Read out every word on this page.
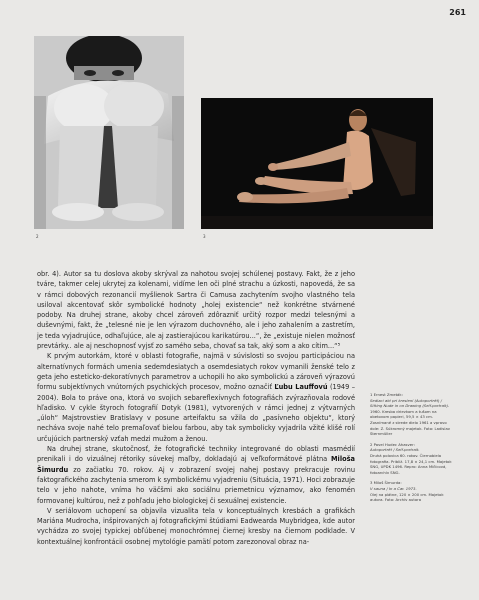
261
2	3

obr. 4). Autor sa tu doslova akoby skrýval za nahotou svojej schúlenej postavy. Fakt, že z jeho tváre, takmer celej ukrytej za kolenami, vidíme len oči plné strachu a úzkosti, napovedá, že sa v rámci dobových rezonancií myšlienok Sartra či Camusa zachytením svojho vlastného tela usiloval akcentovať skôr symbolické hodnoty „holej existencie“ než konkrétne stvárnené podoby. Na druhej strane, akoby chcel zároveň zdôrazniť určitý rozpor medzi telesnými a duševnými, fakt, že „telesné nie je len výrazom duchovného, ale i jeho zahalením a zastretím, je teda vyjadrujúce, odhaľujúce, ale aj zastierajúcou karikatúrou...“, že „existuje nielen možnosť prevtárky.. ale aj neschopnosť vyjsť zo samého seba, chovať sa tak, aký som a ako cítim...“⁵

K prvým autorkám, ktoré v oblasti fotografie, najmä v súvislosti so svojou participáciou na alternatívnych formách umenia sedemdesiatych a osemdesiatych rokov vymanili ženské telo z geta jeho esteticko-dekoratívnych parametrov a uchopili ho ako symbolickú a zároveň výrazovú formu subjektívnych vnútorných psychických procesov, možno označiť Ľubu Lauffovú (1949 – 2004). Bola to práve ona, ktorá vo svojich sebareflexívnych fotografiách zvýrazňovala rodové hľadisko. V cykle štyroch fotografií Dotyk (1981), vytvorených v rámci jednej z výtvarných „úloh“ Majstrovstiev Bratislavy v posune arteifaktu sa vžila do „pasívneho objektu“, ktorý necháva svoje nahé telo premaľovať bielou farbou, aby tak symbolicky vyjadrila vžité klišé rolí určujúcich partnerský vzťah medzi mužom a ženou.

Na druhej strane, skutočnosť, že fotografické techniky integrované do oblasti masmédií prenikali i do vizuálnej rétoriky súvekej maľby, dokladajú aj veľkoformátové plátna Miloša Šimurdu zo začiatku 70. rokov. Aj v zobrazení svojej nahej postavy prekracuje rovinu faktografického zachytenia smerom k symbolickému vyjadreniu (Situácia, 1971). Hoci zobrazuje telo v jeho nahote, vníma ho väčšmi ako sociálnu priemetnicu významov, ako fenomén formovanej kultúrou, než z pohľadu jeho biologickej či sexuálnej existencie.

V seriálovom uchopení sa objavila vizualita tela v konceptuálnych kresbách a grafikách Mariána Mudrocha, inšpirovaných aj fotografickými štúdiami Eadwearda Muybridgea, kde autor vychádza zo svojej typickej obľúbenej monochrómnej čiernej kresby na čiernom podklade. V kontextuálnej konfrontácii osobnej mytológie pamätí potom zarezonoval obraz na-

1 Ernest Zmeták:
Sediaci akt pri kreslení (Autoportrét) / Sitting Nude in on Drawing (Self-portrait).
1960. Kresba drievkom a tušom na obetovom papieri, 59,5 × 43 cm. Zosnímané z strede dielo 1961 a vpravo dole: Z. Súkromný majetok. Foto: Ladislav Sternmüller
2 Pavel Hudec Ahasver:
Autoportrét / Self-portrait.
Druhá polovica 60. rokov. Čiernobiela fotografia. Približ. 17,8 × 24,1 cm. Majetok SNG, UPDK 1496. Repro: Anna Mičícová, fotoarchív SNG.
3 Miloš Šimurda:
V sauna / In a Car. 1973.
Olej na plátne, 120 × 200 cm. Majetok autora. Foto: Archív autora
